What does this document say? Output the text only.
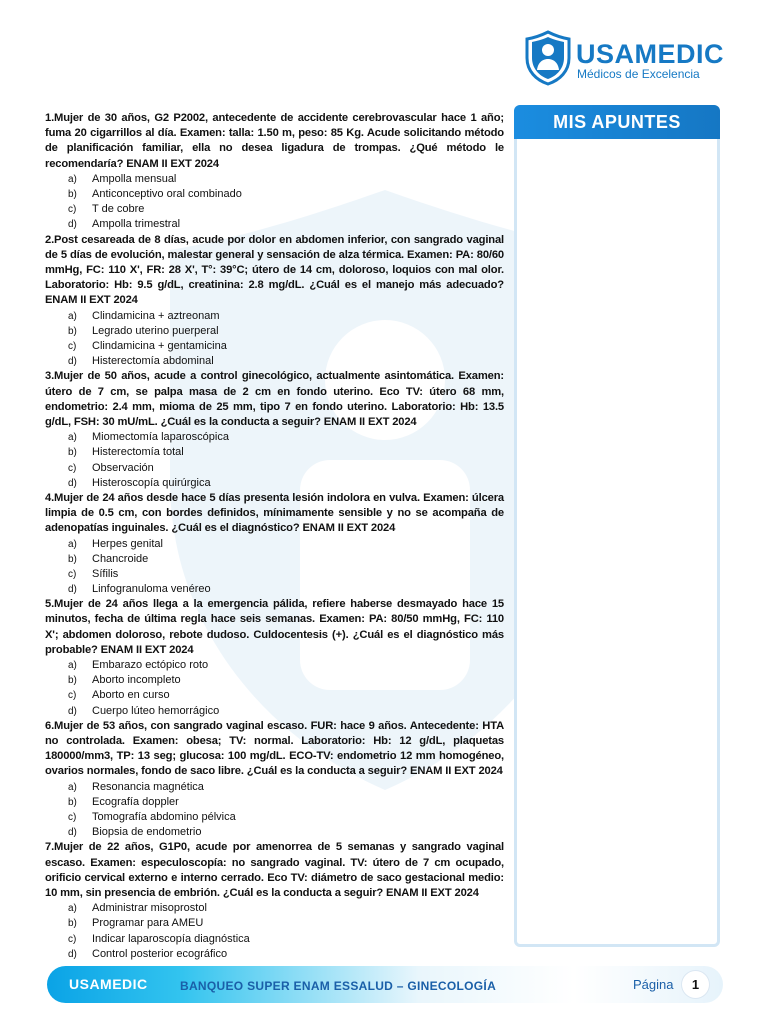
USAMEDIC
Médicos de Excelencia
MIS APUNTES
1.Mujer de 30 años, G2 P2002, antecedente de accidente cerebrovascular hace 1 año; fuma 20 cigarrillos al día. Examen: talla: 1.50 m, peso: 85 Kg. Acude solicitando método de planificación familiar, ella no desea ligadura de trompas. ¿Qué método le recomendaría? ENAM II EXT 2024
a) Ampolla mensual
b) Anticonceptivo oral combinado
c) T de cobre
d) Ampolla trimestral
2.Post cesareada de 8 días, acude por dolor en abdomen inferior, con sangrado vaginal de 5 días de evolución, malestar general y sensación de alza térmica. Examen: PA: 80/60 mmHg, FC: 110 X', FR: 28 X', T°: 39°C; útero de 14 cm, doloroso, loquios con mal olor. Laboratorio: Hb: 9.5 g/dL, creatinina: 2.8 mg/dL. ¿Cuál es el manejo más adecuado? ENAM II EXT 2024
a) Clindamicina + aztreonam
b) Legrado uterino puerperal
c) Clindamicina + gentamicina
d) Histerectomía abdominal
3.Mujer de 50 años, acude a control ginecológico, actualmente asintomática. Examen: útero de 7 cm, se palpa masa de 2 cm en fondo uterino. Eco TV: útero 68 mm, endometrio: 2.4 mm, mioma de 25 mm, tipo 7 en fondo uterino. Laboratorio: Hb: 13.5 g/dL, FSH: 30 mU/mL. ¿Cuál es la conducta a seguir? ENAM II EXT 2024
a) Miomectomía laparoscópica
b) Histerectomía total
c) Observación
d) Histeroscopía quirúrgica
4.Mujer de 24 años desde hace 5 días presenta lesión indolora en vulva. Examen: úlcera limpia de 0.5 cm, con bordes definidos, mínimamente sensible y no se acompaña de adenopatías inguinales. ¿Cuál es el diagnóstico? ENAM II EXT 2024
a) Herpes genital
b) Chancroide
c) Sífilis
d) Linfogranuloma venéreo
5.Mujer de 24 años llega a la emergencia pálida, refiere haberse desmayado hace 15 minutos, fecha de última regla hace seis semanas. Examen: PA: 80/50 mmHg, FC: 110 X'; abdomen doloroso, rebote dudoso. Culdocentesis (+). ¿Cuál es el diagnóstico más probable? ENAM II EXT 2024
a) Embarazo ectópico roto
b) Aborto incompleto
c) Aborto en curso
d) Cuerpo lúteo hemorrágico
6.Mujer de 53 años, con sangrado vaginal escaso. FUR: hace 9 años. Antecedente: HTA no controlada. Examen: obesa; TV: normal. Laboratorio: Hb: 12 g/dL, plaquetas 180000/mm3, TP: 13 seg; glucosa: 100 mg/dL. ECO-TV: endometrio 12 mm homogéneo, ovarios normales, fondo de saco libre. ¿Cuál es la conducta a seguir? ENAM II EXT 2024
a) Resonancia magnética
b) Ecografía doppler
c) Tomografía abdomino pélvica
d) Biopsia de endometrio
7.Mujer de 22 años, G1P0, acude por amenorrea de 5 semanas y sangrado vaginal escaso. Examen: especuloscopía: no sangrado vaginal. TV: útero de 7 cm ocupado, orificio cervical externo e interno cerrado. Eco TV: diámetro de saco gestacional medio: 10 mm, sin presencia de embrión. ¿Cuál es la conducta a seguir? ENAM II EXT 2024
a) Administrar misoprostol
b) Programar para AMEU
c) Indicar laparoscopía diagnóstica
d) Control posterior ecográfico
USAMEDIC	BANQUEO SUPER ENAM ESSALUD – GINECOLOGÍA	Página	1
